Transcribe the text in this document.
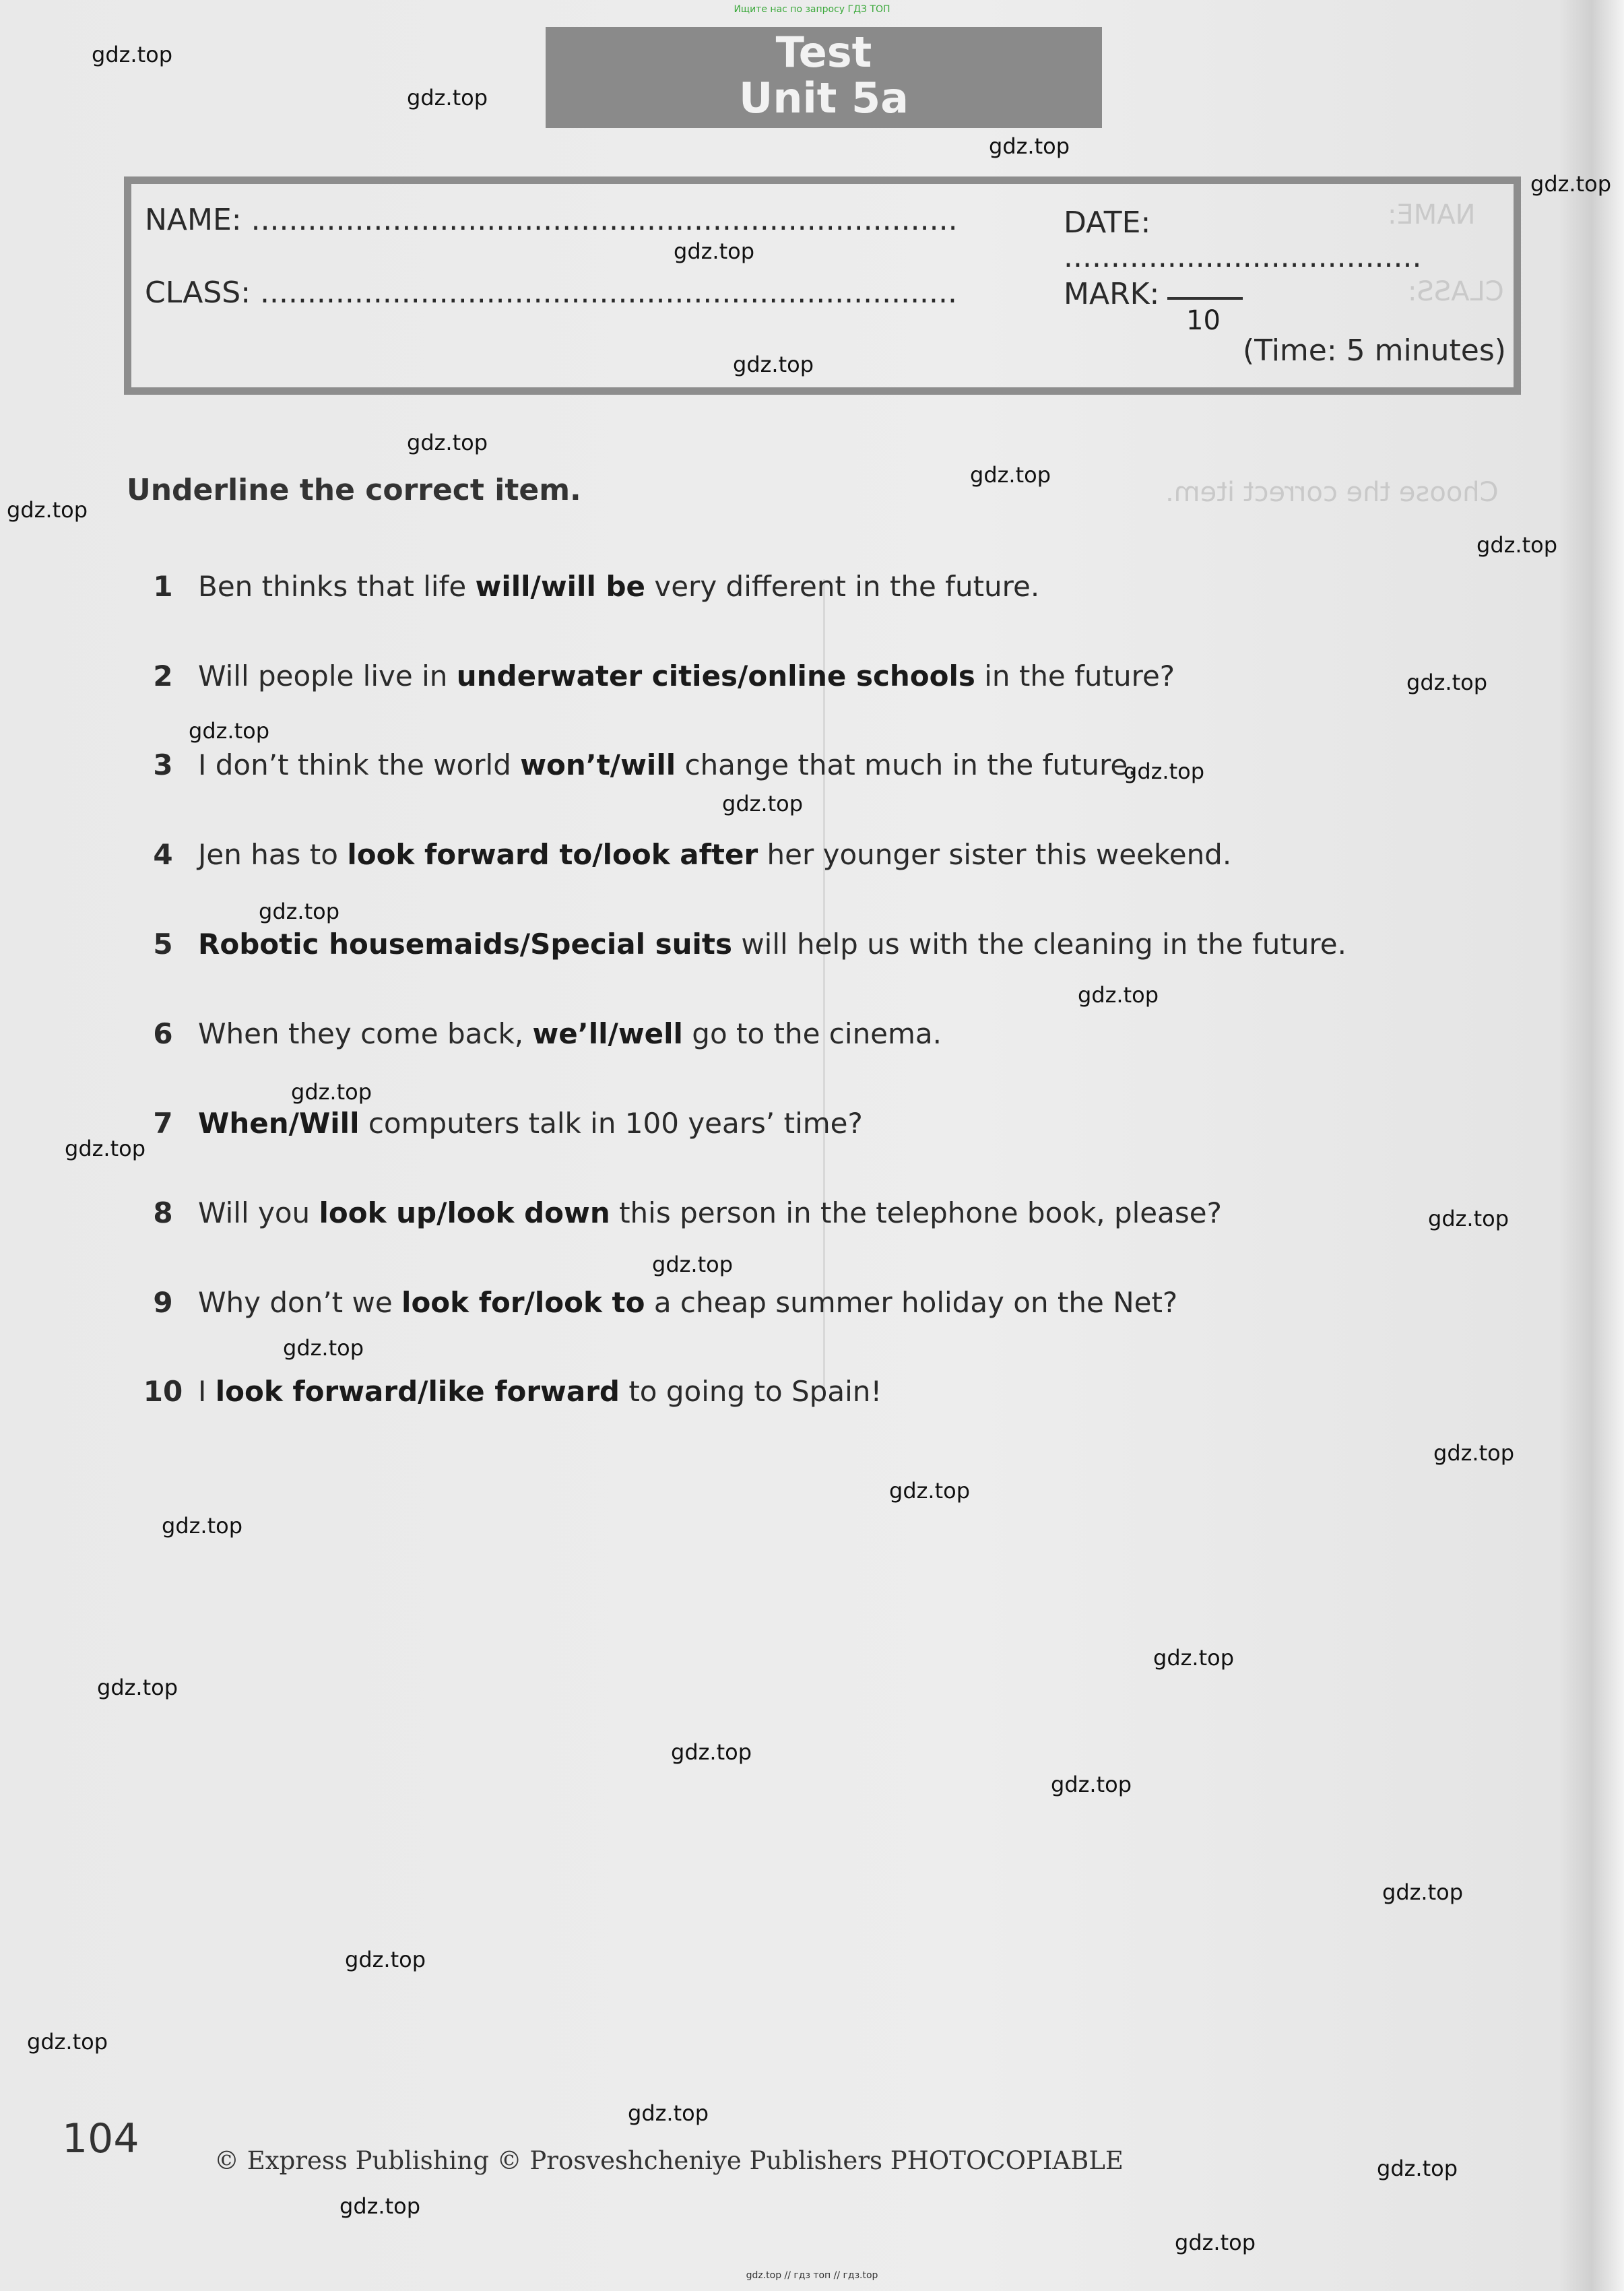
Ищите нас по запросу ГДЗ ТОП
NAME:
CLASS:
Choose the correct item.
Test
Unit 5a
NAME: ...........................................................................	DATE: ......................................
CLASS: ..........................................................................	MARK:
10
(Time: 5 minutes)
Underline the correct item.
1 Ben thinks that life will/will be very different in the future.
2 Will people live in underwater cities/online schools in the future?
3 I don’t think the world won’t/will change that much in the future.
4 Jen has to look forward to/look after her younger sister this weekend.
5 Robotic housemaids/Special suits will help us with the cleaning in the future.
6 When they come back, we’ll/well go to the cinema.
7 When/Will computers talk in 100 years’ time?
8 Will you look up/look down this person in the telephone book, please?
9 Why don’t we look for/look to a cheap summer holiday on the Net?
10 I look forward/like forward to going to Spain!
104	© Express Publishing © Prosveshcheniye Publishers PHOTOCOPIABLE
gdz.top
gdz.top
gdz.top
gdz.top
gdz.top
gdz.top
gdz.top
gdz.top
gdz.top
gdz.top
gdz.top
gdz.top
gdz.top
gdz.top
gdz.top
gdz.top
gdz.top
gdz.top
gdz.top
gdz.top
gdz.top
gdz.top
gdz.top
gdz.top
gdz.top
gdz.top
gdz.top
gdz.top
gdz.top
gdz.top
gdz.top
gdz.top
gdz.top
gdz.top
gdz.top
gdz.top // гдз топ // гдз.top
